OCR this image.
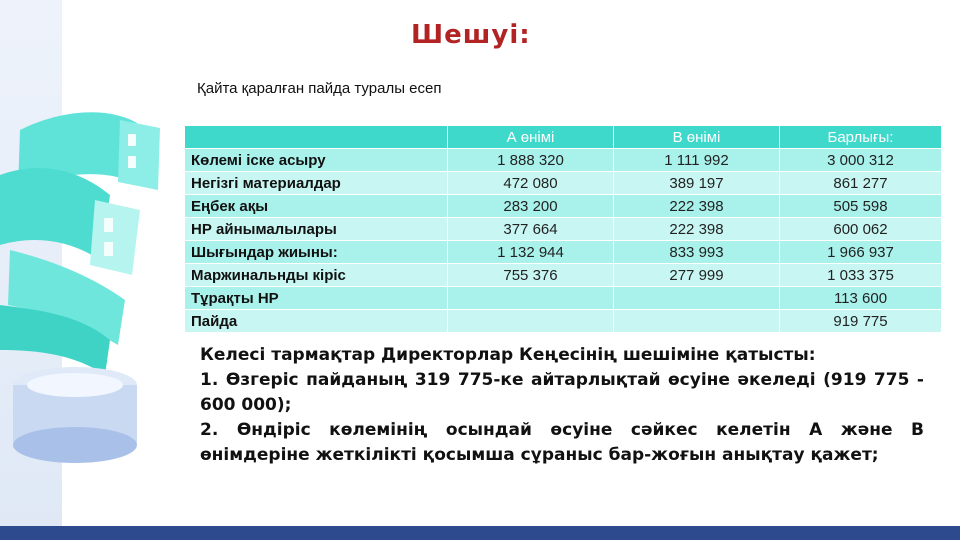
Шешуі:
Қайта қаралған пайда туралы есеп
	А өнімі	В өнімі	Барлығы:
Көлемі іске асыру	1 888 320	1 111 992	3 000 312
Негізгі материалдар	472 080	389 197	861 277
Еңбек ақы	283 200	222 398	505 598
НР айнымалылары	377 664	222 398	600 062
Шығындар жиыны:	1 132 944	833 993	1 966 937
Маржинальнды кіріс	755 376	277 999	1 033 375
Тұрақты НР			113 600
Пайда			919 775

Келесі тармақтар Директорлар Кеңесінің шешіміне қатысты:

1. Өзгеріс пайданың 319 775-ке айтарлықтай өсуіне әкеледі (919 775 - 600 000);

2. Өндіріс көлемінің осындай өсуіне сәйкес келетін А және В өнімдеріне жеткілікті қосымша сұраныс бар-жоғын анықтау қажет;
